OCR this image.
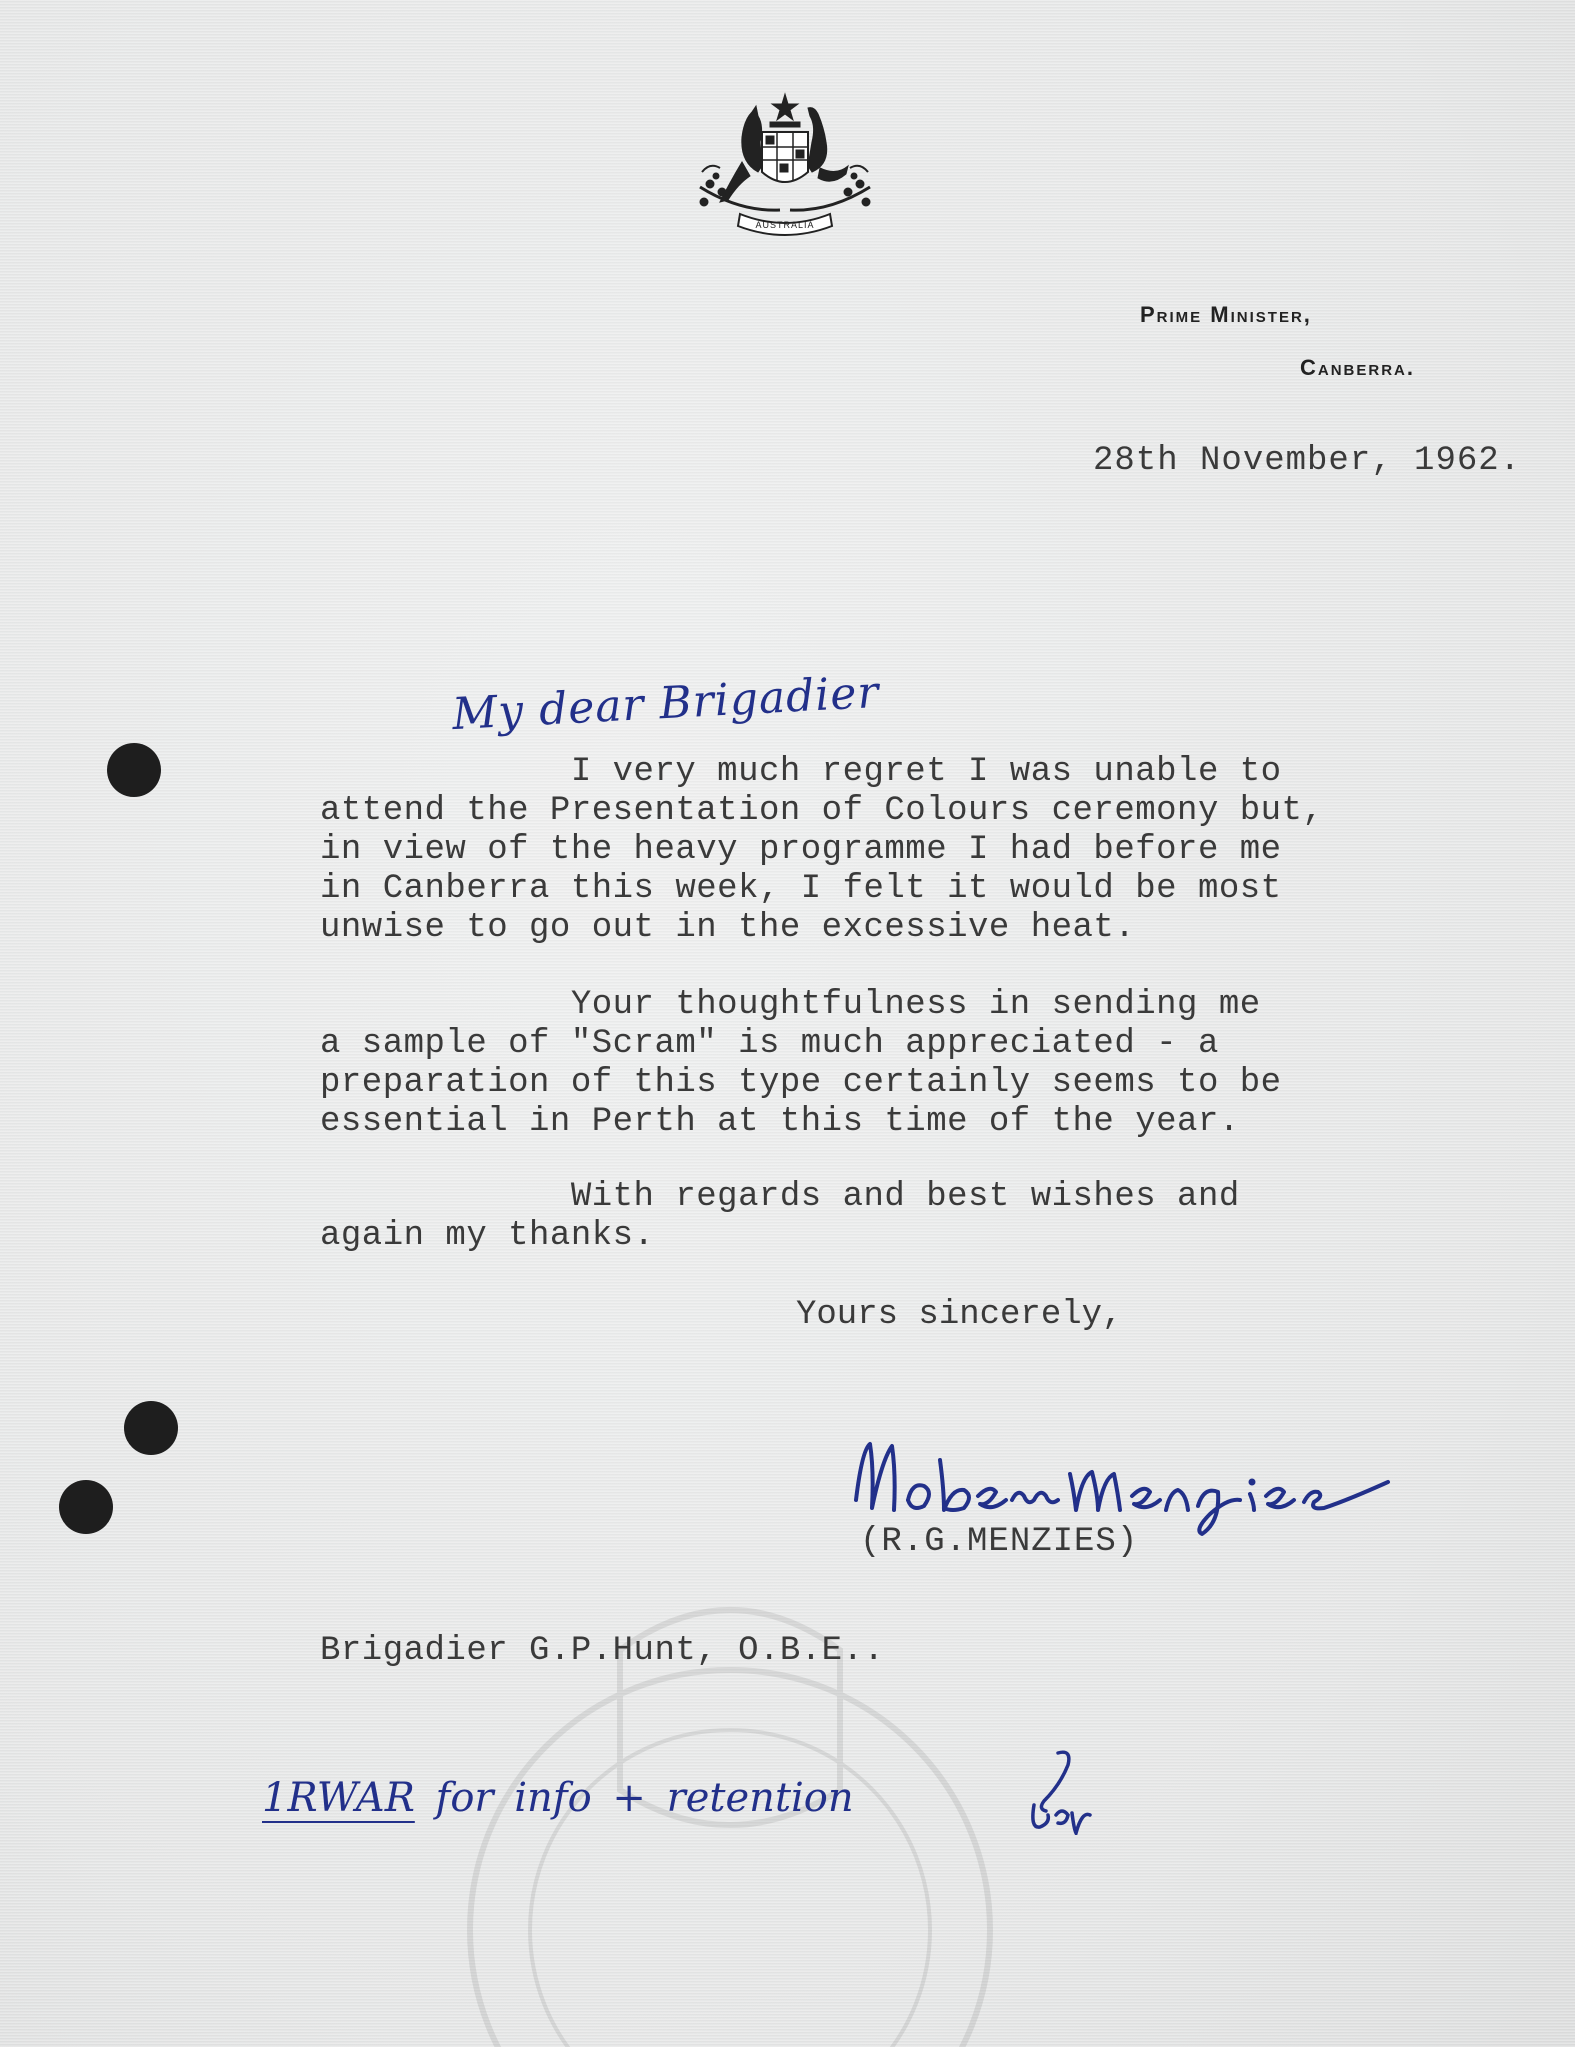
AUSTRALIA
Prime Minister,
Canberra.
28th November, 1962.
My dear Brigadier
I very much regret I was unable to
attend the Presentation of Colours ceremony but,
in view of the heavy programme I had before me
in Canberra this week, I felt it would be most
unwise to go out in the excessive heat.
Your thoughtfulness in sending me
a sample of "Scram" is much appreciated - a
preparation of this type certainly seems to be
essential in Perth at this time of the year.
With regards and best wishes and
again my thanks.
Yours sincerely,
(R.G.MENZIES)
Brigadier G.P.Hunt, O.B.E..
1RWAR for info + retention
